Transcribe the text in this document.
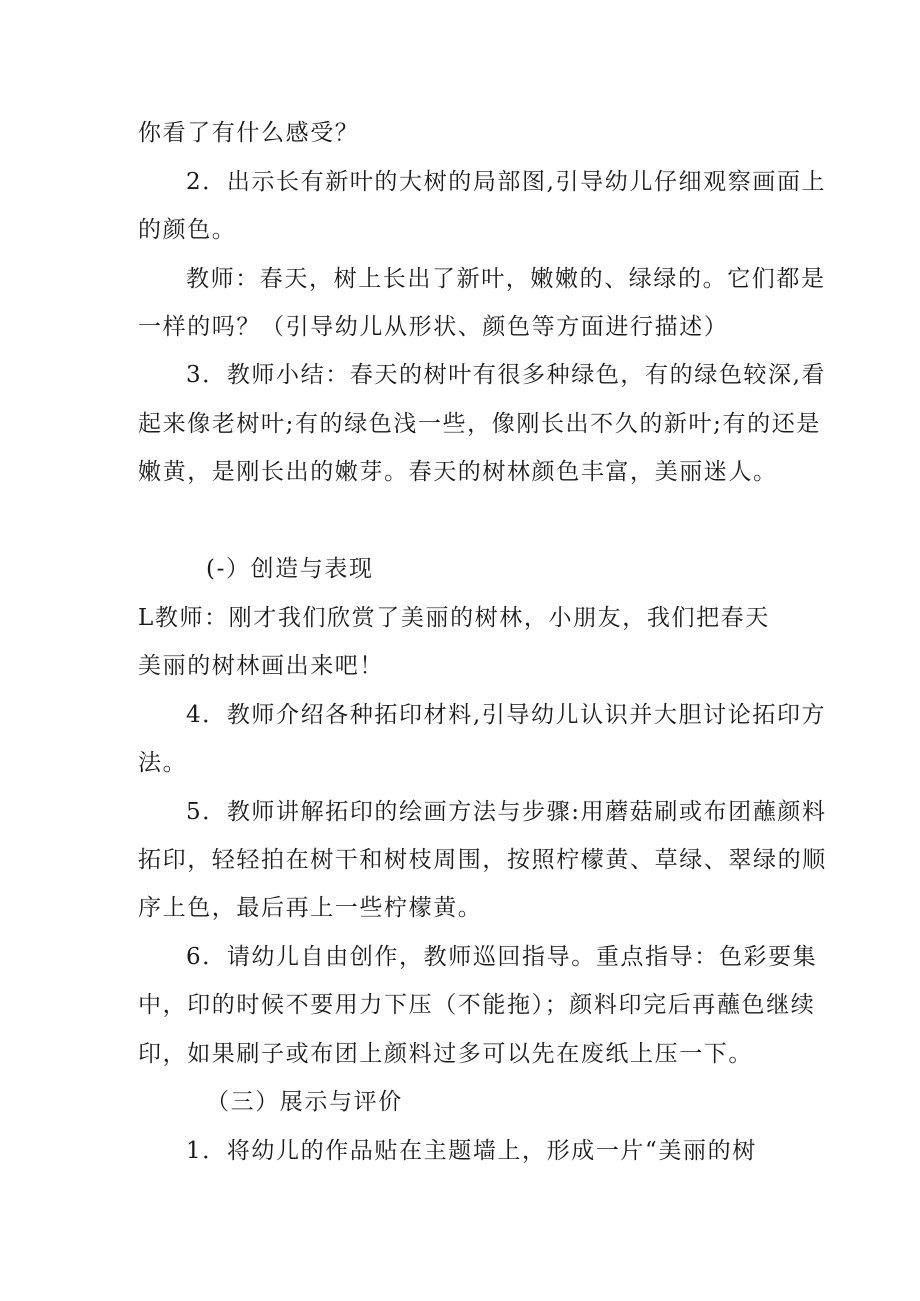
你看了有什么感受？
2．出示长有新叶的大树的局部图,引导幼儿仔细观察画面上
的颜色。
教师：春天，树上长出了新叶，嫩嫩的、绿绿的。它们都是
一样的吗？（引导幼儿从形状、颜色等方面进行描述）
3．教师小结：春天的树叶有很多种绿色，有的绿色较深,看
起来像老树叶;有的绿色浅一些，像刚长出不久的新叶;有的还是
嫩黄，是刚长出的嫩芽。春天的树林颜色丰富，美丽迷人。
(-）创造与表现
L教师：刚才我们欣赏了美丽的树林，小朋友，我们把春天
美丽的树林画出来吧！
4．教师介绍各种拓印材料,引导幼儿认识并大胆讨论拓印方
法。
5．教师讲解拓印的绘画方法与步骤:用蘑菇刷或布团蘸颜料
拓印，轻轻拍在树干和树枝周围，按照柠檬黄、草绿、翠绿的顺
序上色，最后再上一些柠檬黄。
6．请幼儿自由创作，教师巡回指导。重点指导：色彩要集
中，印的时候不要用力下压（不能拖）；颜料印完后再蘸色继续
印，如果刷子或布团上颜料过多可以先在废纸上压一下。
（三）展示与评价
1．将幼儿的作品贴在主题墙上，形成一片“美丽的树
